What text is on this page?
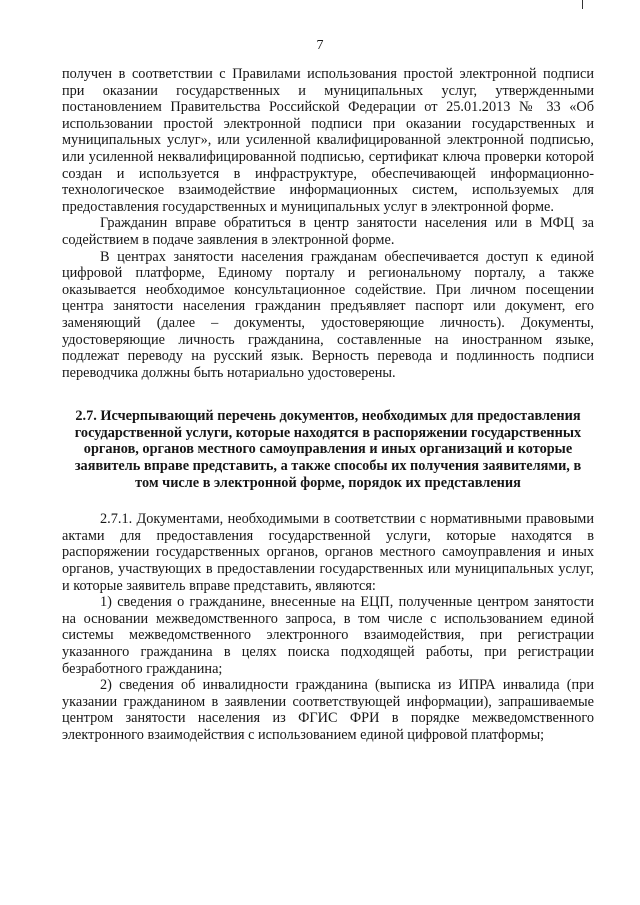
7

получен в соответствии с Правилами использования простой электронной подписи при оказании государственных и муниципальных услуг, утвержденными постановлением Правительства Российской Федерации от 25.01.2013 № 33 «Об использовании простой электронной подписи при оказании государственных и муниципальных услуг», или усиленной квалифицированной электронной подписью, или усиленной неквалифицированной подписью, сертификат ключа проверки которой создан и используется в инфраструктуре, обеспечивающей информационно-технологическое взаимодействие информационных систем, используемых для предоставления государственных и муниципальных услуг в электронной форме.

Гражданин вправе обратиться в центр занятости населения или в МФЦ за содействием в подаче заявления в электронной форме.

В центрах занятости населения гражданам обеспечивается доступ к единой цифровой платформе, Единому порталу и региональному порталу, а также оказывается необходимое консультационное содействие. При личном посещении центра занятости населения гражданин предъявляет паспорт или документ, его заменяющий (далее – документы, удостоверяющие личность). Документы, удостоверяющие личность гражданина, составленные на иностранном языке, подлежат переводу на русский язык. Верность перевода и подлинность подписи переводчика должны быть нотариально удостоверены.

2.7. Исчерпывающий перечень документов, необходимых для предоставления государственной услуги, которые находятся в распоряжении государственных органов, органов местного самоуправления и иных организаций и которые заявитель вправе представить, а также способы их получения заявителями, в том числе в электронной форме, порядок их представления

2.7.1. Документами, необходимыми в соответствии с нормативными правовыми актами для предоставления государственной услуги, которые находятся в распоряжении государственных органов, органов местного самоуправления и иных органов, участвующих в предоставлении государственных или муниципальных услуг, и которые заявитель вправе представить, являются:

1) сведения о гражданине, внесенные на ЕЦП, полученные центром занятости на основании межведомственного запроса, в том числе с использованием единой системы межведомственного электронного взаимодействия, при регистрации указанного гражданина в целях поиска подходящей работы, при регистрации безработного гражданина;

2) сведения об инвалидности гражданина (выписка из ИПРА инвалида (при указании гражданином в заявлении соответствующей информации), запрашиваемые центром занятости населения из ФГИС ФРИ в порядке межведомственного электронного взаимодействия с использованием единой цифровой платформы;
